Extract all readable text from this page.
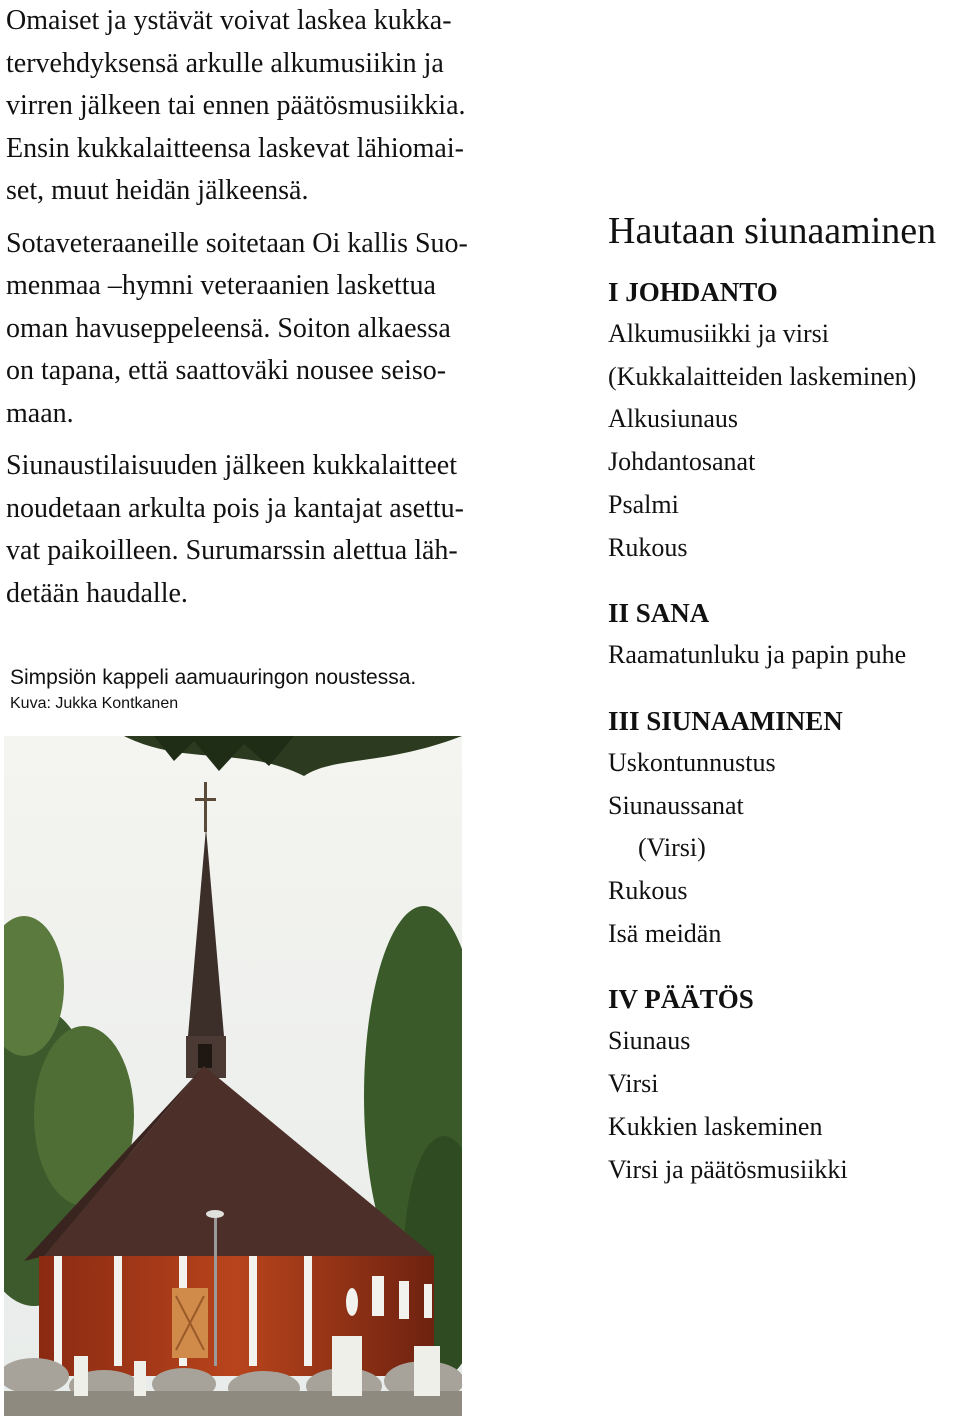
Omaiset ja ystävät voivat laskea kukka-
tervehdyksensä arkulle alkumusiikin ja
virren jälkeen tai ennen päätösmusiikkia.
Ensin kukkalaitteensa laskevat lähiomai-
set, muut heidän jälkeensä.

Sotaveteraaneille soitetaan Oi kallis Suo-
menmaa –hymni veteraanien laskettua
oman havuseppeleensä. Soiton alkaessa
on tapana, että saattoväki nousee seiso-
maan.

Siunaustilaisuuden jälkeen kukkalaitteet
noudetaan arkulta pois ja kantajat asettu-
vat paikoilleen. Surumarssin alettua läh-
detään haudalle.

Simpsiön kappeli aamuauringon noustessa.
Kuva: Jukka Kontkanen
Hautaan siunaaminen
I JOHDANTO
Alkumusiikki ja virsi
(Kukkalaitteiden laskeminen)
Alkusiunaus
Johdantosanat
Psalmi
Rukous
II SANA
Raamatunluku ja papin puhe
III SIUNAAMINEN
Uskontunnustus
Siunaussanat
(Virsi)
Rukous
Isä meidän
IV PÄÄTÖS
Siunaus
Virsi
Kukkien laskeminen
Virsi ja päätösmusiikki
